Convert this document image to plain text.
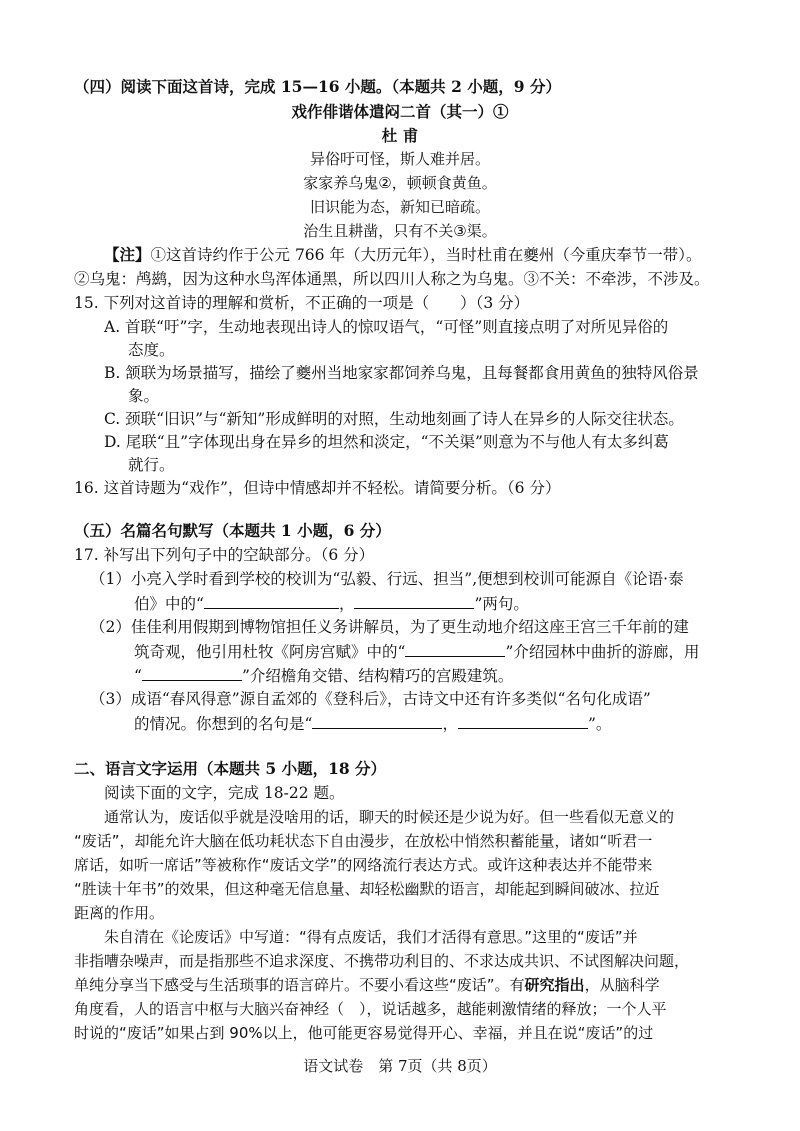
（四）阅读下面这首诗，完成 15—16 小题。（本题共 2 小题，9 分）
戏作俳谐体遣闷二首（其一）①
杜 甫
异俗吁可怪，斯人难并居。
家家养乌鬼②，顿顿食黄鱼。
旧识能为态，新知已暗疏。
治生且耕凿，只有不关③渠。
【注】①这首诗约作于公元 766 年（大历元年），当时杜甫在夔州（今重庆奉节一带）。
②乌鬼：鸬鹚，因为这种水鸟浑体通黑，所以四川人称之为乌鬼。③不关：不牵涉，不涉及。
15. 下列对这首诗的理解和赏析，不正确的一项是（　　）（3 分）
A. 首联“吁”字，生动地表现出诗人的惊叹语气，“可怪”则直接点明了对所见异俗的
态度。
B. 颔联为场景描写，描绘了夔州当地家家都饲养乌鬼，且每餐都食用黄鱼的独特风俗景
象。
C. 颈联“旧识”与“新知”形成鲜明的对照，生动地刻画了诗人在异乡的人际交往状态。
D. 尾联“且”字体现出身在异乡的坦然和淡定，“不关渠”则意为不与他人有太多纠葛
就行。
16. 这首诗题为“戏作”，但诗中情感却并不轻松。请简要分析。（6 分）
（五）名篇名句默写（本题共 1 小题，6 分）
17. 补写出下列句子中的空缺部分。（6 分）
（1）小亮入学时看到学校的校训为“弘毅、行远、担当”,便想到校训可能源自《论语·泰
伯》中的“	，	”两句。
（2）佳佳利用假期到博物馆担任义务讲解员，为了更生动地介绍这座王宫三千年前的建
筑奇观，他引用杜牧《阿房宫赋》中的“	”介绍园林中曲折的游廊，用
“	”介绍檐角交错、结构精巧的宫殿建筑。
（3）成语“春风得意”源自孟郊的《登科后》，古诗文中还有许多类似“名句化成语”
的情况。你想到的名句是“	，	”。
二、语言文字运用（本题共 5 小题，18 分）
阅读下面的文字，完成 18-22 题。
通常认为，废话似乎就是没啥用的话，聊天的时候还是少说为好。但一些看似无意义的
“废话”，却能允许大脑在低功耗状态下自由漫步，在放松中悄然积蓄能量，诸如“听君一
席话，如听一席话”等被称作“废话文学”的网络流行表达方式。或许这种表达并不能带来
“胜读十年书”的效果，但这种毫无信息量、却轻松幽默的语言，却能起到瞬间破冰、拉近
距离的作用。
朱自清在《论废话》中写道：“得有点废话，我们才活得有意思。”这里的“废话”并
非指嘈杂噪声，而是指那些不追求深度、不携带功利目的、不求达成共识、不试图解决问题，
单纯分享当下感受与生活琐事的语言碎片。不要小看这些“废话”。有研究指出，从脑科学
角度看，人的语言中枢与大脑兴奋神经（　），说话越多，越能刺激情绪的释放；一个人平
时说的“废话”如果占到 90%以上，他可能更容易觉得开心、幸福，并且在说“废话”的过
语文试卷　第 7页（共 8页）
